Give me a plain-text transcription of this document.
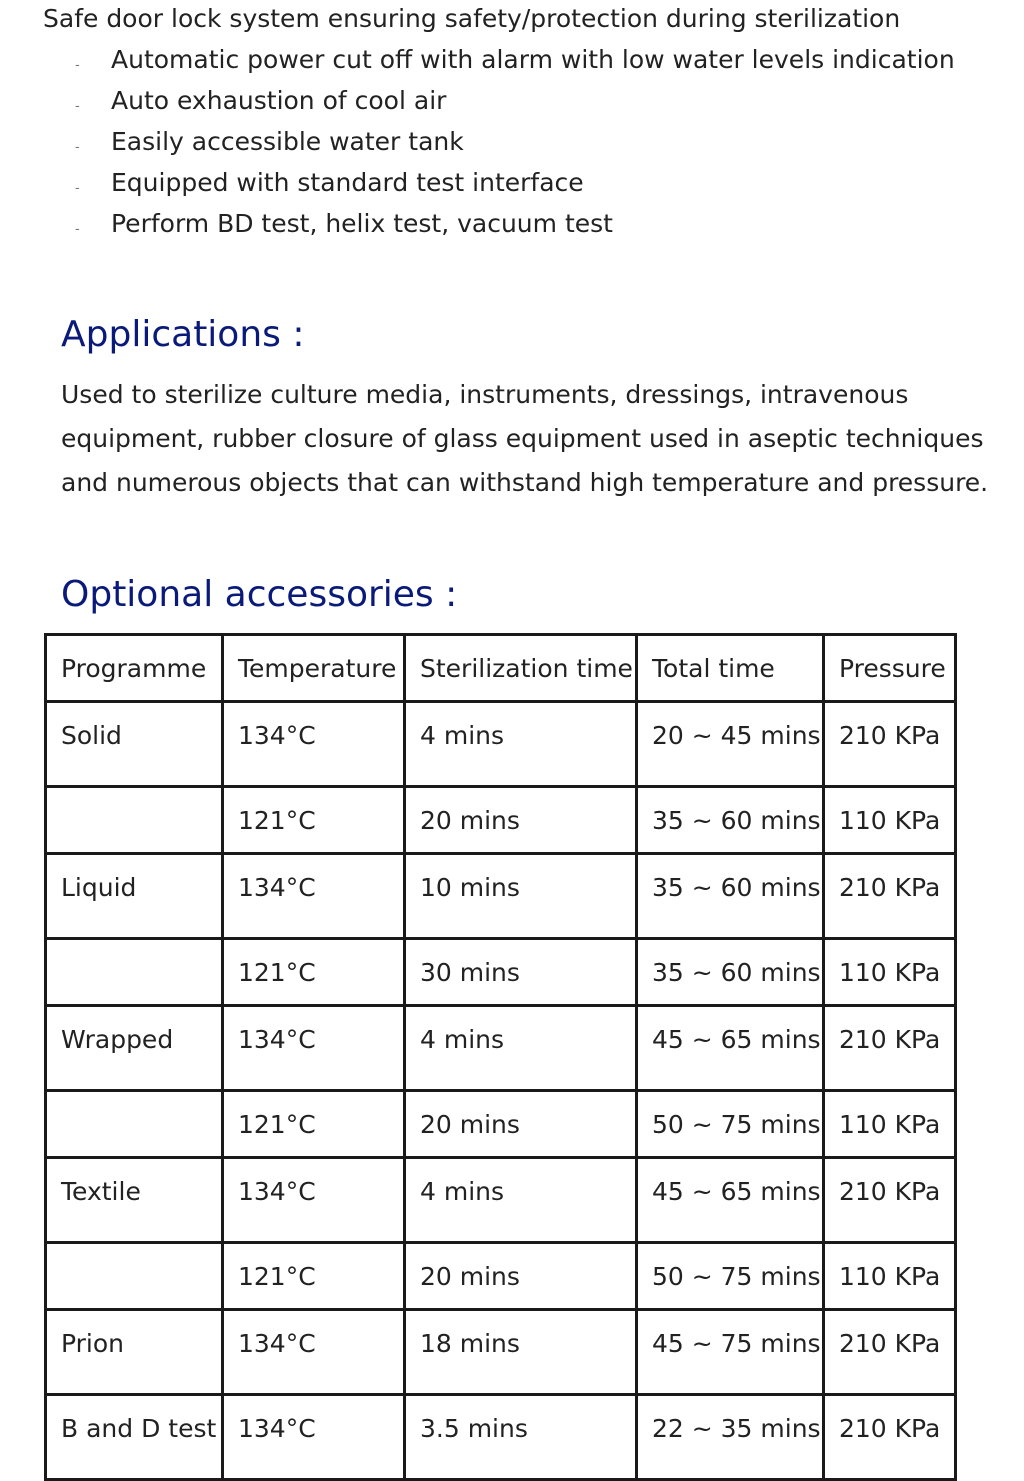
Safe door lock system ensuring safety/protection during sterilization
- Automatic power cut off with alarm with low water levels indication
- Auto exhaustion of cool air
- Easily accessible water tank
- Equipped with standard test interface
- Perform BD test, helix test, vacuum test
Applications :
Used to sterilize culture media, instruments, dressings, intravenous
equipment, rubber closure of glass equipment used in aseptic techniques
and numerous objects that can withstand high temperature and pressure.
Optional accessories :
Programme	Temperature	Sterilization time	Total time	Pressure
Solid	134°C	4 mins	20 ~ 45 mins	210 KPa
	121°C	20 mins	35 ~ 60 mins	110 KPa
Liquid	134°C	10 mins	35 ~ 60 mins	210 KPa
	121°C	30 mins	35 ~ 60 mins	110 KPa
Wrapped	134°C	4 mins	45 ~ 65 mins	210 KPa
	121°C	20 mins	50 ~ 75 mins	110 KPa
Textile	134°C	4 mins	45 ~ 65 mins	210 KPa
	121°C	20 mins	50 ~ 75 mins	110 KPa
Prion	134°C	18 mins	45 ~ 75 mins	210 KPa
B and D test	134°C	3.5 mins	22 ~ 35 mins	210 KPa
